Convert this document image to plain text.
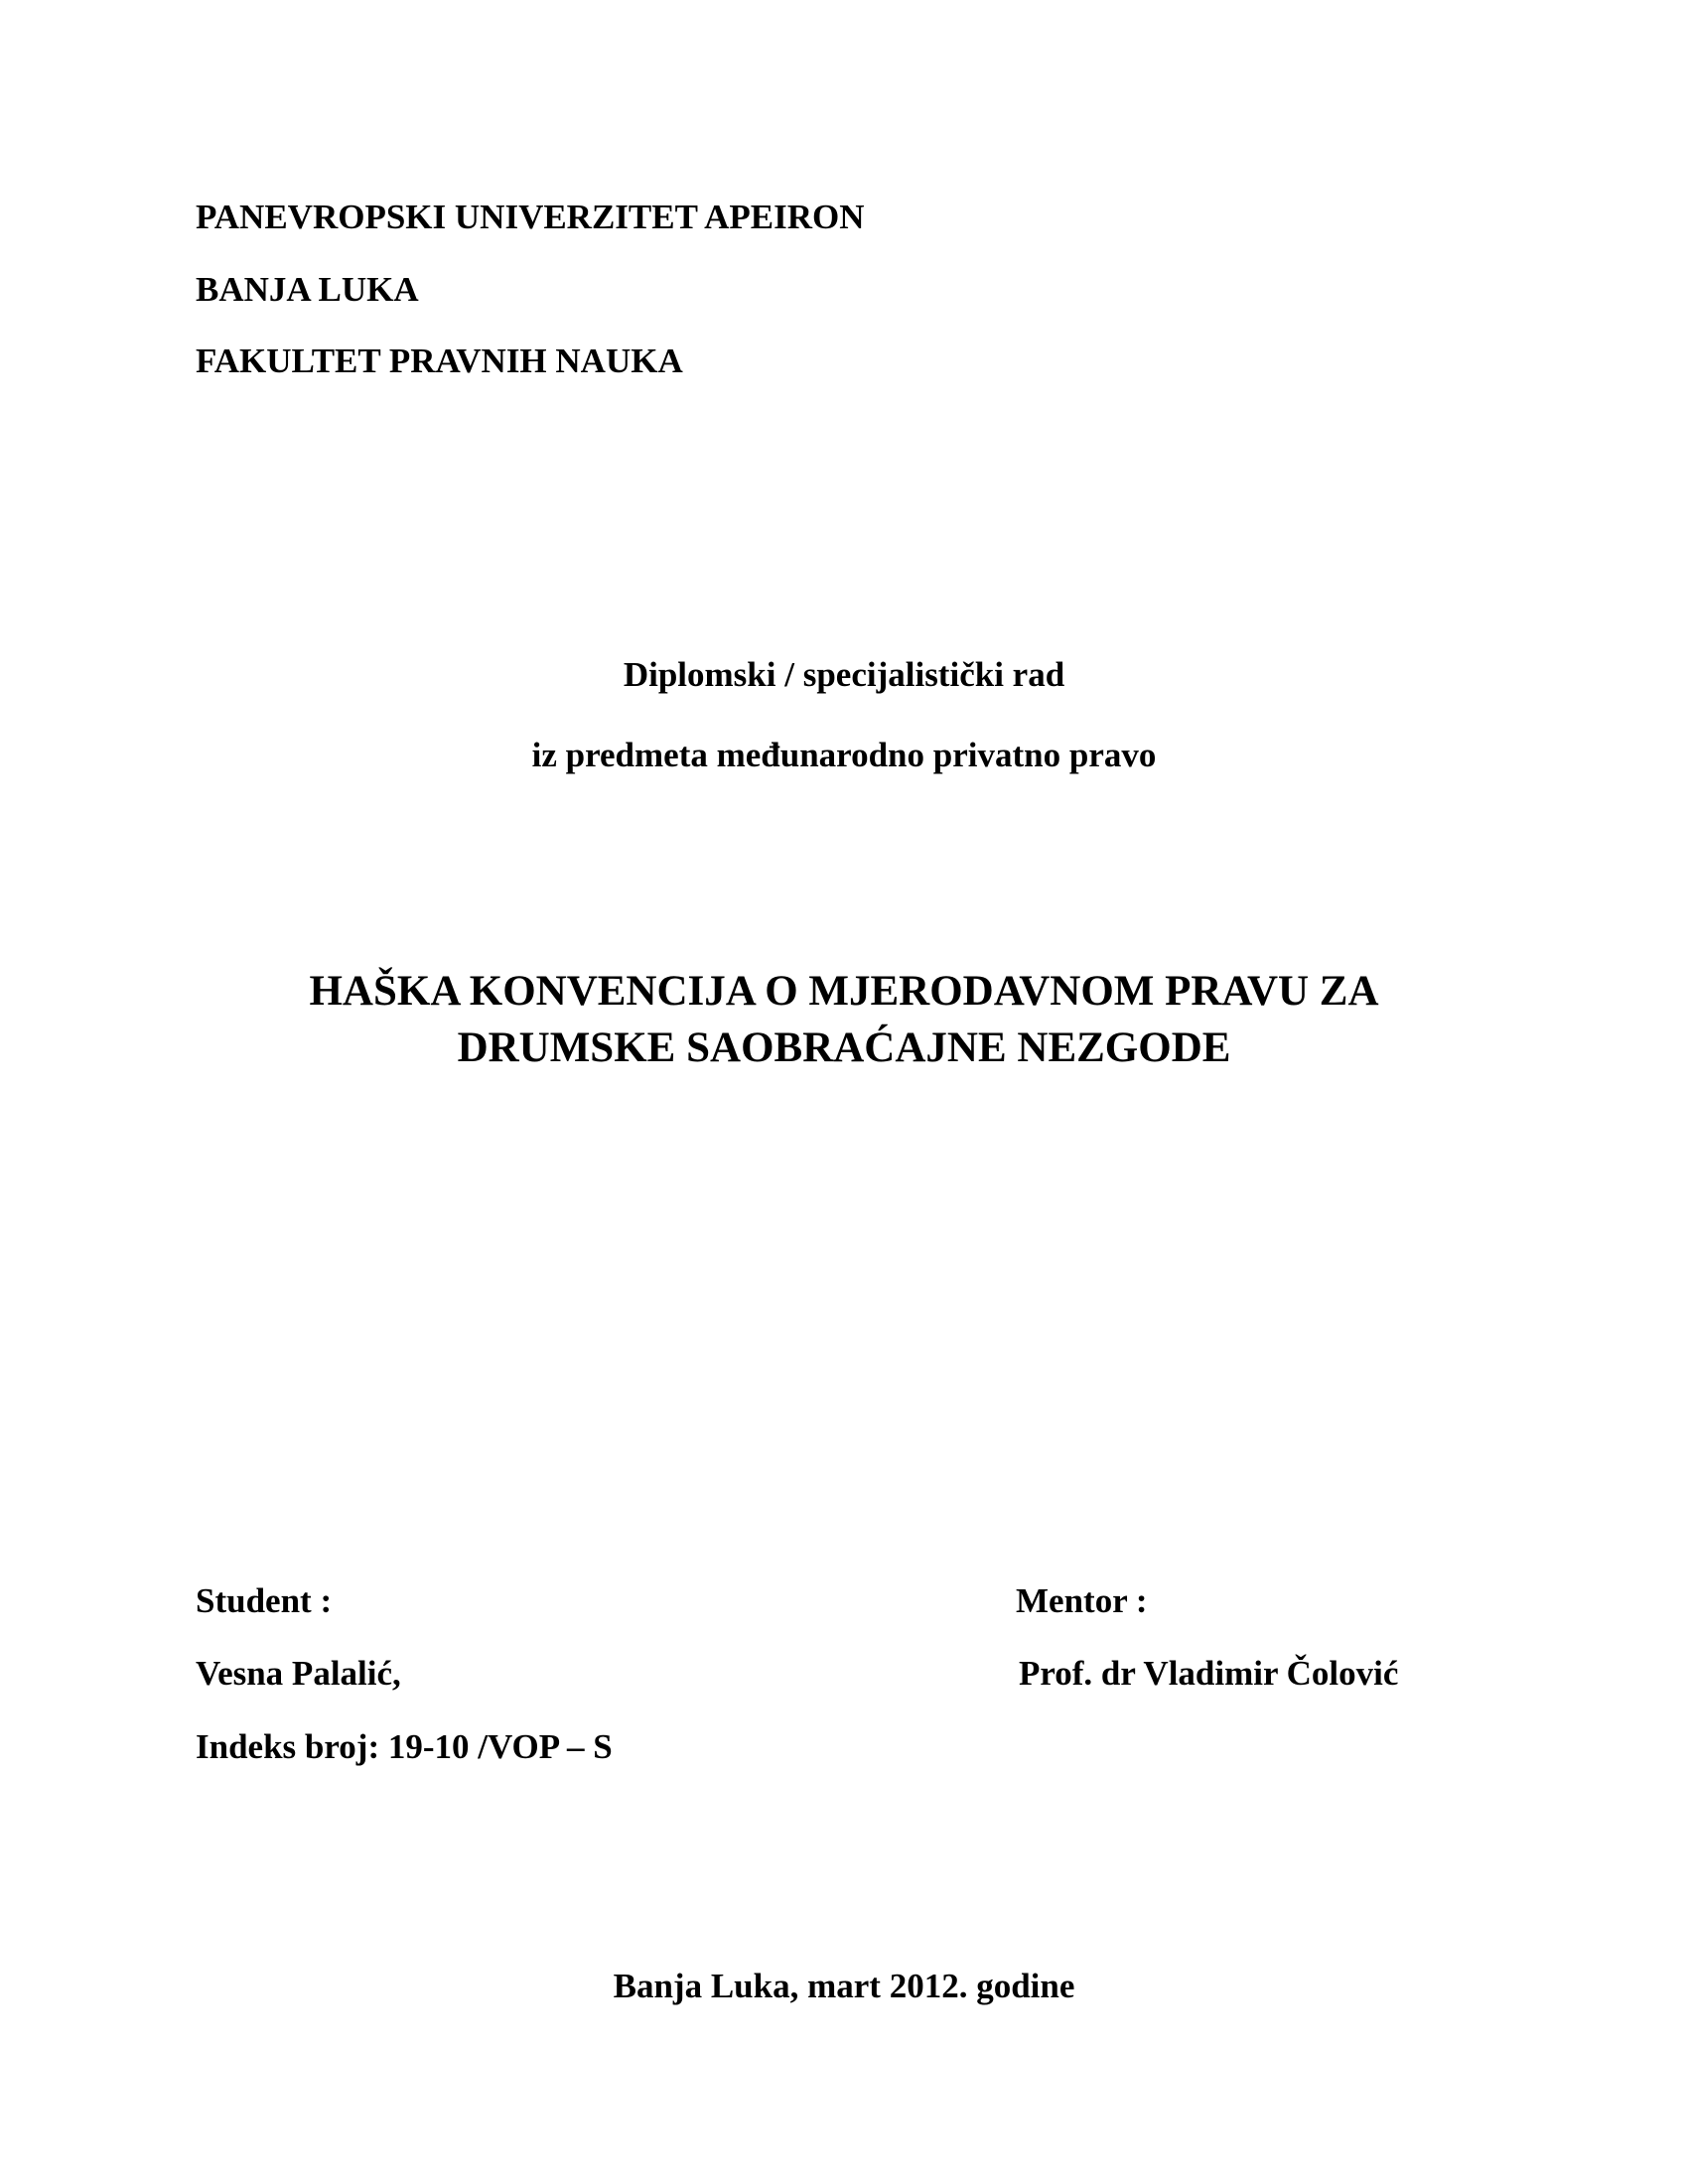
PANEVROPSKI UNIVERZITET APEIRON

BANJA LUKA

FAKULTET PRAVNIH NAUKA

Diplomski / specijalistički rad

iz predmeta međunarodno privatno pravo

HAŠKA KONVENCIJA O MJERODAVNOM PRAVU ZA

DRUMSKE SAOBRAĆAJNE NEZGODE

Student :

Vesna Palalić,

Indeks broj: 19-10 /VOP – S

Mentor :

Prof. dr Vladimir Čolović

Banja Luka, mart 2012. godine
